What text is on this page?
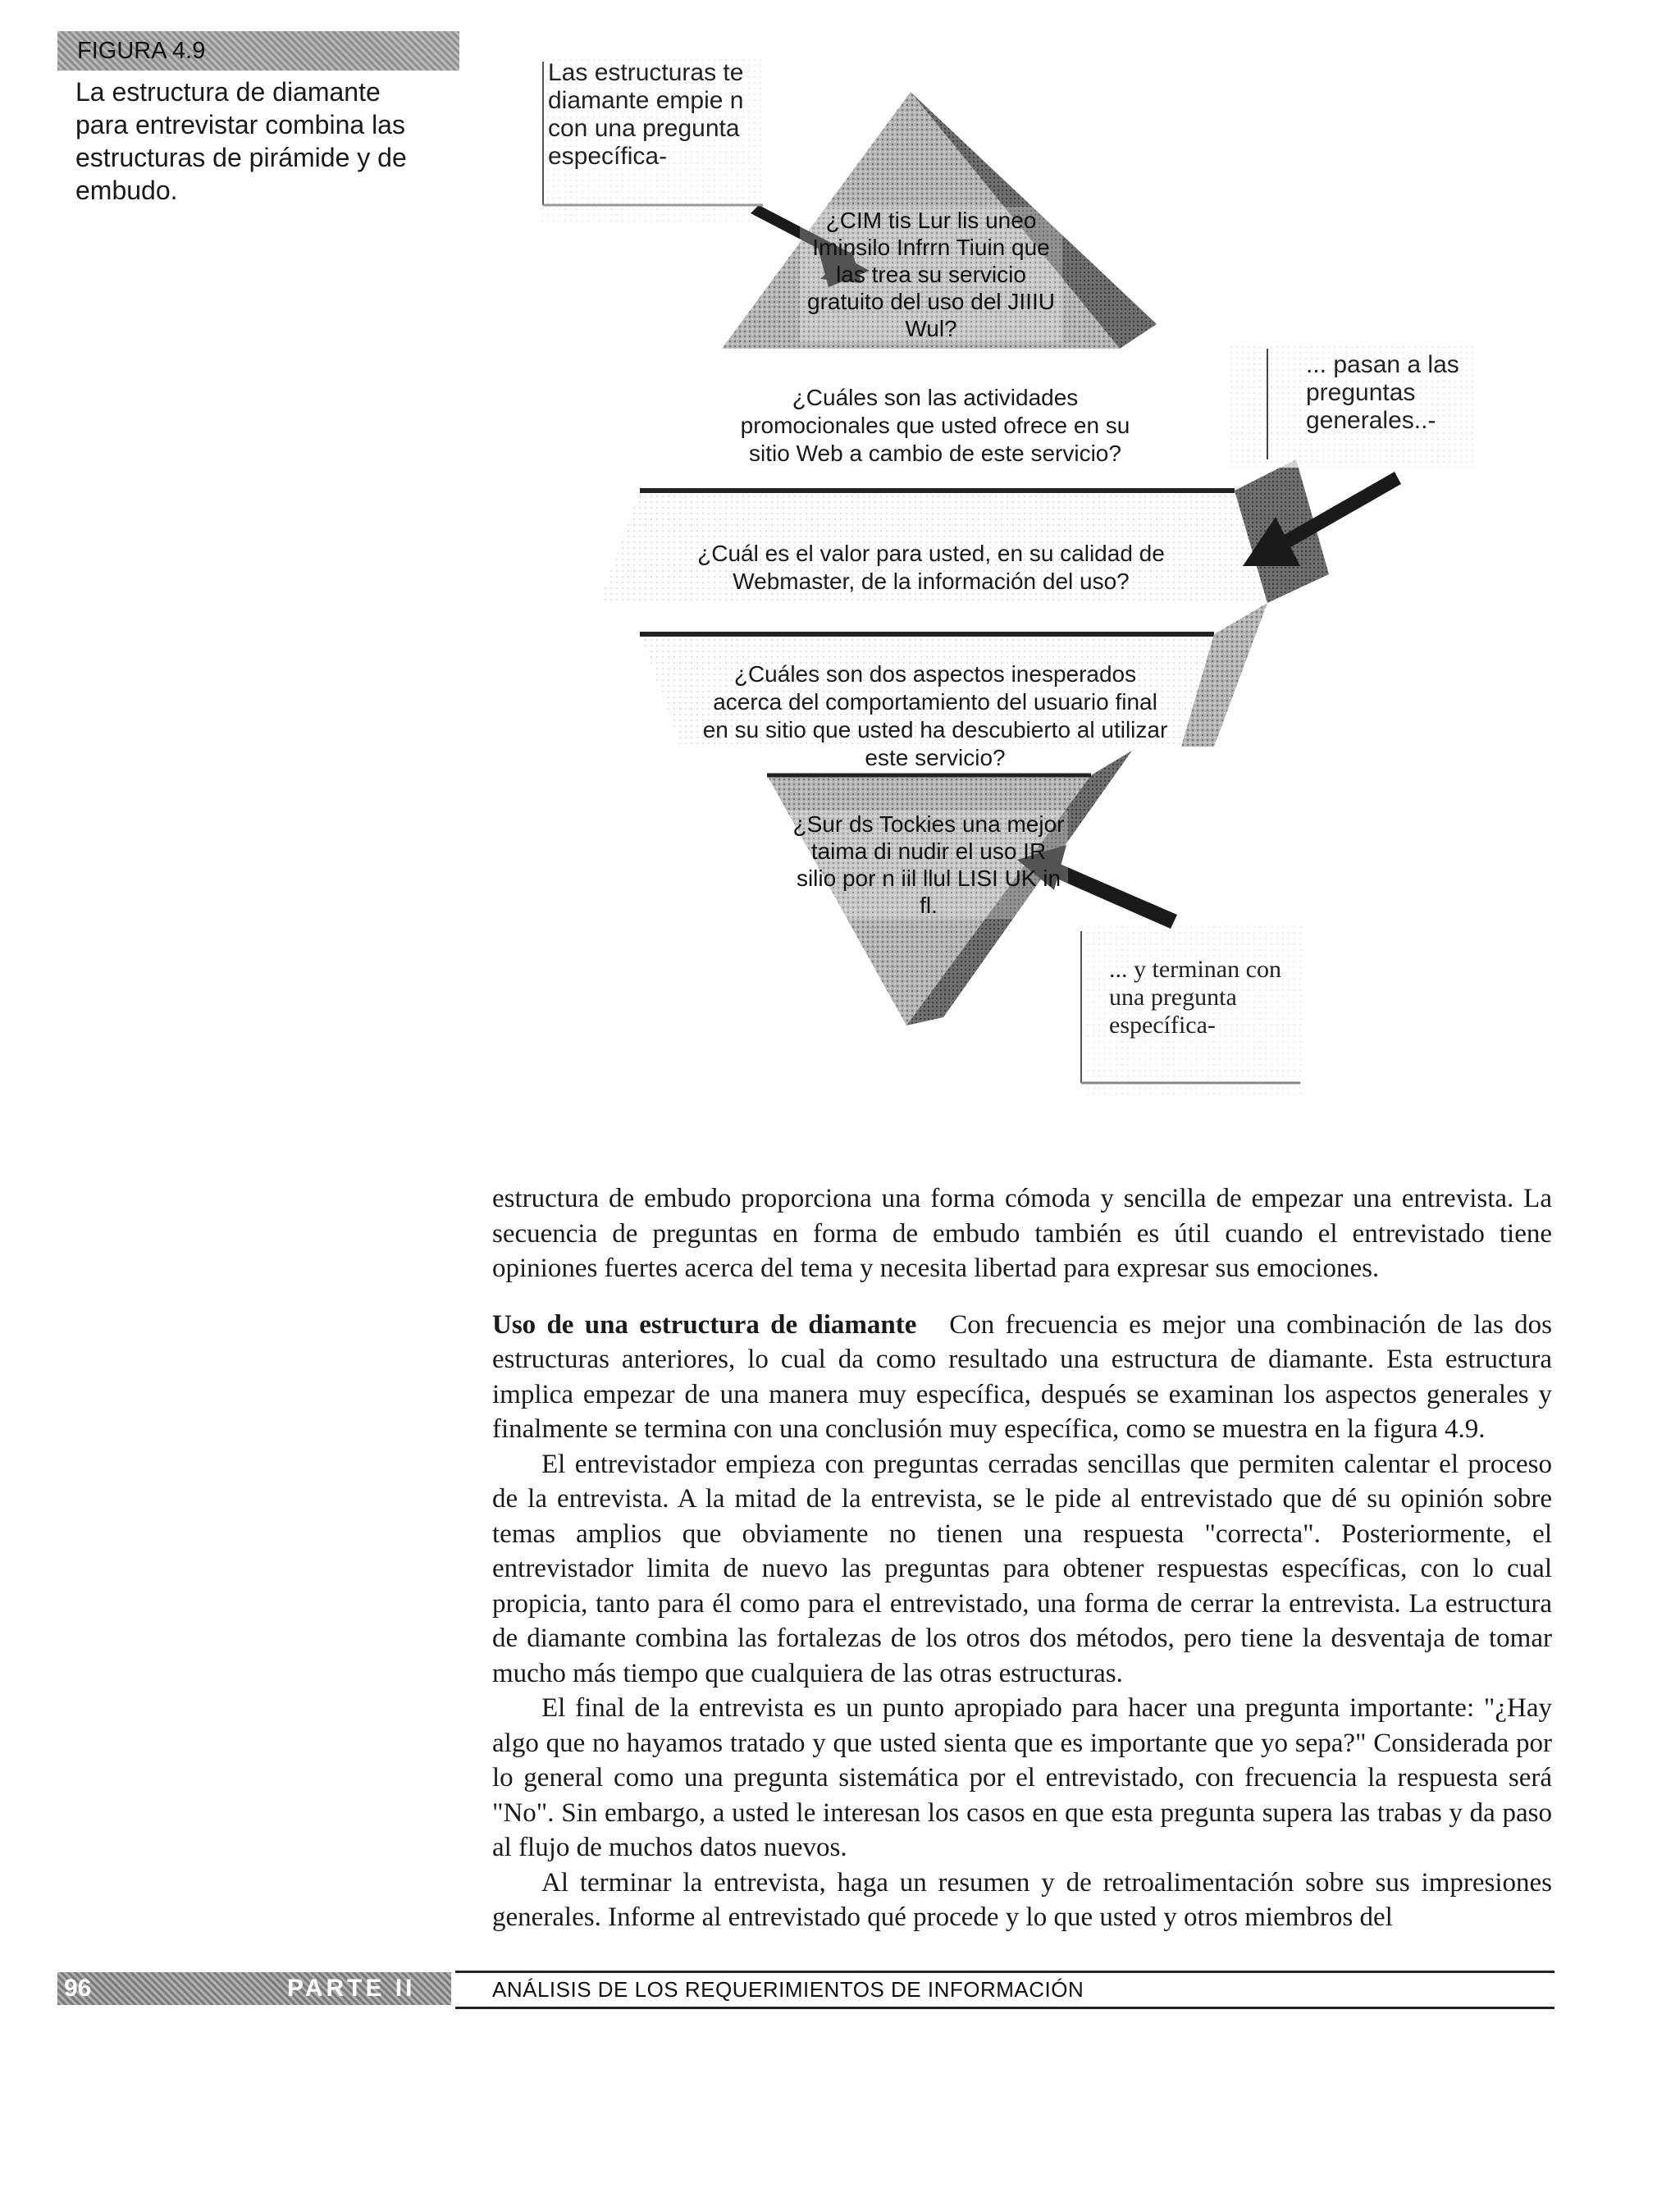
FIGURA 4.9
La estructura de diamante para entrevistar combina las estructuras de pirámide y de embudo.
Las estructuras te diamante empie n con una pregunta específica-
... pasan a las preguntas generales..-
... y terminan con una pregunta específica-
¿CIM tis Lur lis uneo Iminsilo Infrrn Tiuin que las trea su servicio gratuito del uso del JIIIU Wul?
¿Sur ds Tockies una mejor taima di nudir el uso IR silio por n iil llul LISI UK in fl.
¿Cuáles son las actividades promocionales que usted ofrece en su sitio Web a cambio de este servicio?
¿Cuál es el valor para usted, en su calidad de Webmaster, de la información del uso?
¿Cuáles son dos aspectos inesperados acerca del comportamiento del usuario final en su sitio que usted ha descubierto al utilizar este servicio?

estructura de embudo proporciona una forma cómoda y sencilla de empezar una entrevista. La secuencia de preguntas en forma de embudo también es útil cuando el entrevistado tiene opiniones fuertes acerca del tema y necesita libertad para expresar sus emociones.

Uso de una estructura de diamante Con frecuencia es mejor una combinación de las dos estructuras anteriores, lo cual da como resultado una estructura de diamante. Esta estructura implica empezar de una manera muy específica, después se examinan los aspectos generales y finalmente se termina con una conclusión muy específica, como se muestra en la figura 4.9.

El entrevistador empieza con preguntas cerradas sencillas que permiten calentar el proceso de la entrevista. A la mitad de la entrevista, se le pide al entrevistado que dé su opinión sobre temas amplios que obviamente no tienen una respuesta "correcta". Posteriormente, el entrevistador limita de nuevo las preguntas para obtener respuestas específicas, con lo cual propicia, tanto para él como para el entrevistado, una forma de cerrar la entrevista. La estructura de diamante combina las fortalezas de los otros dos métodos, pero tiene la desventaja de tomar mucho más tiempo que cualquiera de las otras estructuras.

El final de la entrevista es un punto apropiado para hacer una pregunta importante: "¿Hay algo que no hayamos tratado y que usted sienta que es importante que yo sepa?" Considerada por lo general como una pregunta sistemática por el entrevistado, con frecuencia la respuesta será "No". Sin embargo, a usted le interesan los casos en que esta pregunta supera las trabas y da paso al flujo de muchos datos nuevos.

Al terminar la entrevista, haga un resumen y de retroalimentación sobre sus impresiones generales. Informe al entrevistado qué procede y lo que usted y otros miembros del

96	PARTE II	ANÁLISIS DE LOS REQUERIMIENTOS DE INFORMACIÓN
